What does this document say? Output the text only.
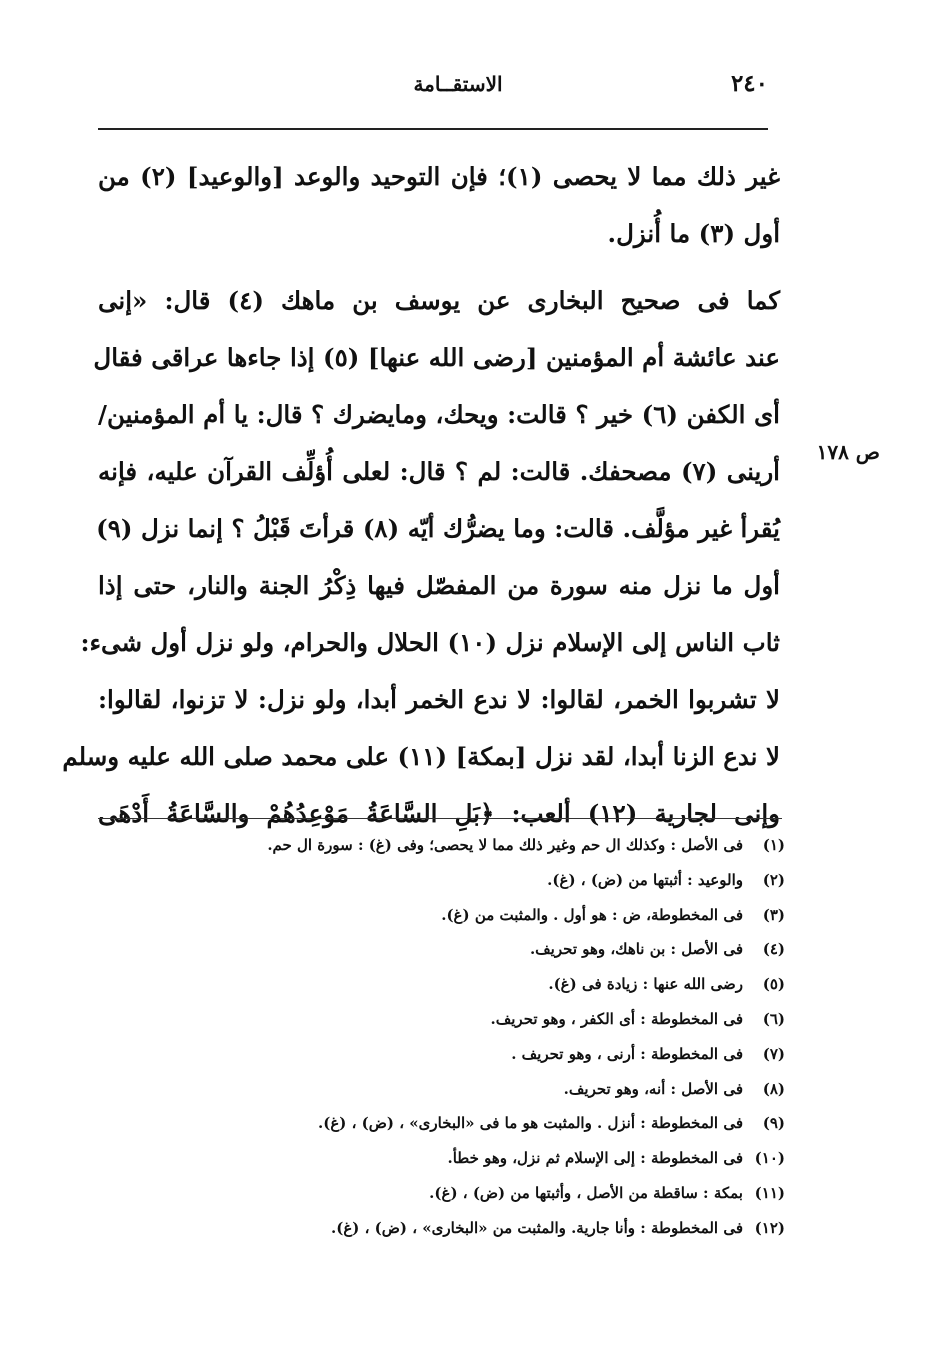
الاستقــامة	٢٤٠
غير ذلك مما لا يحصى (١)؛ فإن التوحيد والوعد [والوعيد] (٢) من
أول (٣) ما أُنزل.
كما فى صحيح البخارى عن يوسف بن ماهك (٤) قال: «إنى
عند عائشة أم المؤمنين [رضى الله عنها] (٥) إذا جاءها عراقى فقال
أى الكفن (٦) خير ؟ قالت: ويحك، ومايضرك ؟ قال: يا أم المؤمنين/
أرينى (٧) مصحفك. قالت: لم ؟ قال: لعلى أُؤلِّف القرآن عليه، فإنه
يُقرأ غير مؤلَّف. قالت: وما يضرُّك أيّه (٨) قرأتَ قَبْلُ ؟ إنما نزل (٩)
أول ما نزل منه سورة من المفصّل فيها ذِكْرُ الجنة والنار، حتى إذا
ثاب الناس إلى الإسلام نزل (١٠) الحلال والحرام، ولو نزل أول شىء:
لا تشربوا الخمر، لقالوا: لا ندع الخمر أبدا، ولو نزل: لا تزنوا، لقالوا:
لا ندع الزنا أبدا، لقد نزل [بمكة] (١١) على محمد صلى الله عليه وسلم
وإنى لجارية (١٢) ألعب: ﴿بَلِ السَّاعَةُ مَوْعِدُهُمْ والسَّاعَةُ أَدْهَى
ص ١٧٨
(١)فى الأصل : وكذلك ال حم وغير ذلك مما لا يحصى؛ وفى (غ) : سورة ال حم.
(٢)والوعيد : أثبتها من (ض) ، (غ).
(٣)فى المخطوطة، ض : هو أول . والمثبت من (غ).
(٤)فى الأصل : بن ناهك، وهو تحريف.
(٥)رضى الله عنها : زيادة فى (غ).
(٦)فى المخطوطة : أى الكفر ، وهو تحريف.
(٧)فى المخطوطة : أرنى ، وهو تحريف .
(٨)فى الأصل : أنه، وهو تحريف.
(٩)فى المخطوطة : أنزل . والمثبت هو ما فى «البخارى» ، (ض) ، (غ).
(١٠)فى المخطوطة : إلى الإسلام ثم نزل، وهو خطأ.
(١١)بمكة : ساقطة من الأصل ، وأثبتها من (ض) ، (غ).
(١٢)فى المخطوطة : وأنا جارية. والمثبت من «البخارى» ، (ض) ، (غ).
